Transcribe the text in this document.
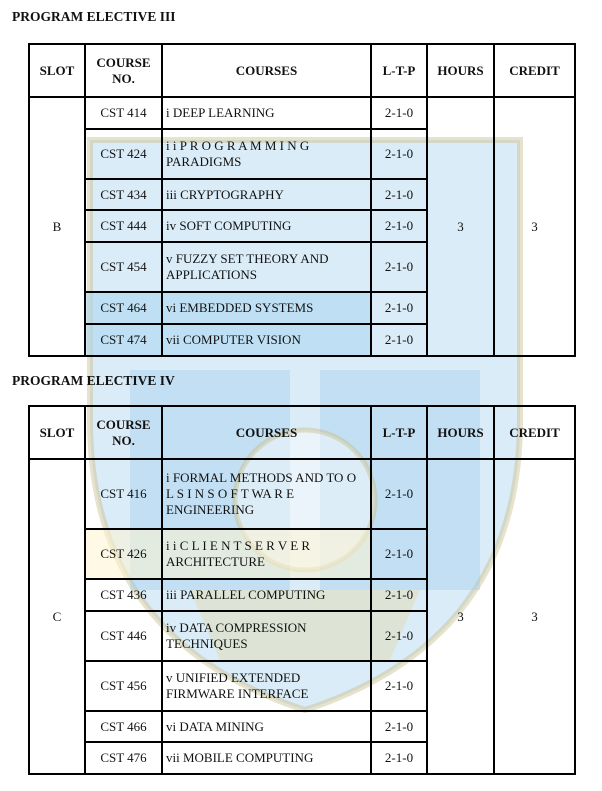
PROGRAM ELECTIVE III
SLOT	COURSE NO.	COURSES	L-T-P	HOURS	CREDIT
B	CST 414	i DEEP LEARNING	2-1-0	3	3
	CST 424	i i P R O G R A M M I N G PARADIGMS	2-1-0		
	CST 434	iii CRYPTOGRAPHY	2-1-0		
	CST 444	iv SOFT COMPUTING	2-1-0		
	CST 454	v FUZZY SET THEORY AND APPLICATIONS	2-1-0		
	CST 464	vi EMBEDDED SYSTEMS	2-1-0		
	CST 474	vii COMPUTER VISION	2-1-0		
PROGRAM ELECTIVE IV
SLOT	COURSE NO.	COURSES	L-T-P	HOURS	CREDIT
C	CST 416	i FORMAL METHODS AND TO O L S I N S O F T WA R E ENGINEERING	2-1-0	3	3
	CST 426	i i C L I E N T S E R V E R ARCHITECTURE	2-1-0		
	CST 436	iii PARALLEL COMPUTING	2-1-0		
	CST 446	iv DATA COMPRESSION TECHNIQUES	2-1-0		
	CST 456	v UNIFIED EXTENDED FIRMWARE INTERFACE	2-1-0		
	CST 466	vi DATA MINING	2-1-0		
	CST 476	vii MOBILE COMPUTING	2-1-0		
